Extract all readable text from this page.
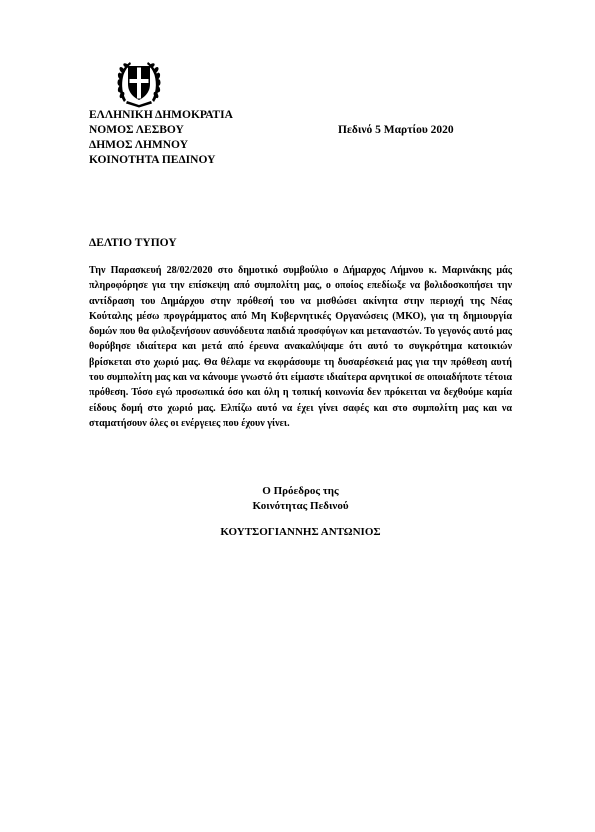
ΕΛΛΗΝΙΚΗ ΔΗΜΟΚΡΑΤΙΑ
ΝΟΜΟΣ ΛΕΣΒΟΥ
ΔΗΜΟΣ ΛΗΜΝΟΥ
ΚΟΙΝΟΤΗΤΑ ΠΕΔΙΝΟΥ
Πεδινό 5 Μαρτίου 2020
ΔΕΛΤΙΟ ΤΥΠΟΥ

Την Παρασκευή 28/02/2020 στο δημοτικό συμβούλιο ο Δήμαρχος Λήμνου κ. Μαρινάκης μάς πληροφόρησε για την επίσκεψη από συμπολίτη μας, ο οποίος επεδίωξε να βολιδοσκοπήσει την αντίδραση του Δημάρχου στην πρόθεσή του να μισθώσει ακίνητα στην περιοχή της Νέας Κούταλης μέσω προγράμματος από Μη Κυβερνητικές Οργανώσεις (ΜΚΟ), για τη δημιουργία δομών που θα φιλοξενήσουν ασυνόδευτα παιδιά προσφύγων και μεταναστών. Το γεγονός αυτό μας θορύβησε ιδιαίτερα και μετά από έρευνα ανακαλύψαμε ότι αυτό το συγκρότημα κατοικιών βρίσκεται στο χωριό μας. Θα θέλαμε να εκφράσουμε τη δυσαρέσκειά μας για την πρόθεση αυτή του συμπολίτη μας και να κάνουμε γνωστό ότι είμαστε ιδιαίτερα αρνητικοί σε οποιαδήποτε τέτοια πρόθεση. Τόσο εγώ προσωπικά όσο και όλη η τοπική κοινωνία δεν πρόκειται να δεχθούμε καμία είδους δομή στο χωριό μας. Ελπίζω αυτό να έχει γίνει σαφές και στο συμπολίτη μας και να σταματήσουν όλες οι ενέργειες που έχουν γίνει.

Ο Πρόεδρος της
Κοινότητας Πεδινού
ΚΟΥΤΣΟΓΙΑΝΝΗΣ ΑΝΤΩΝΙΟΣ
